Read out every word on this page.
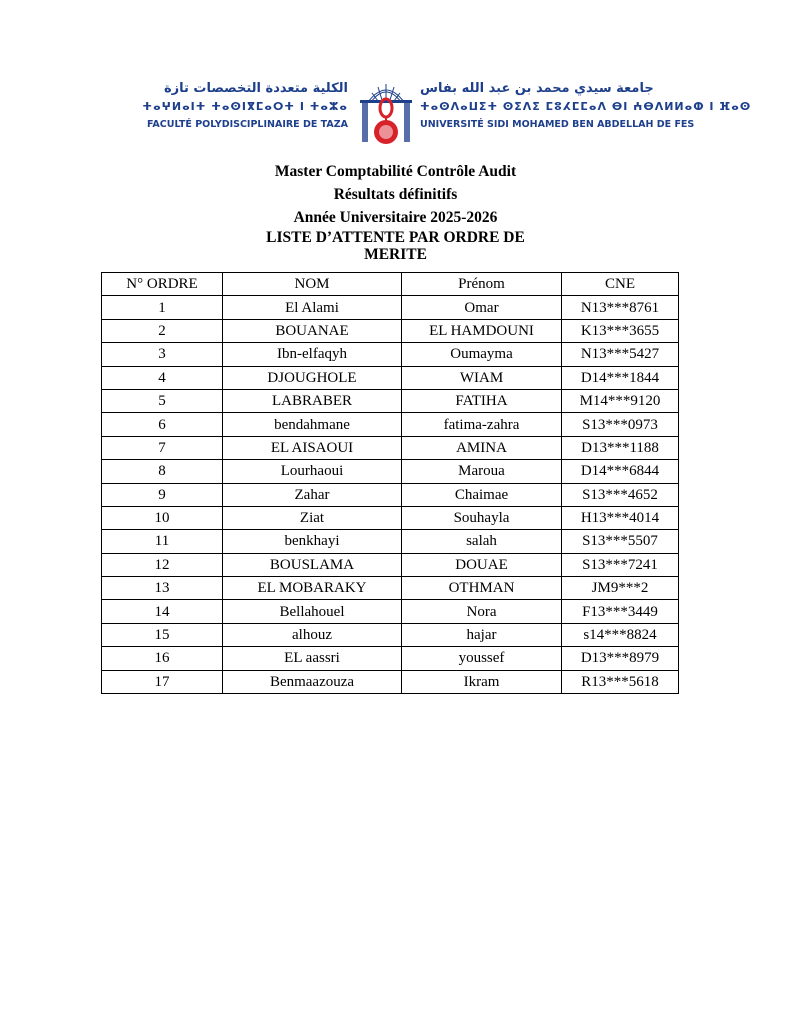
الكلية متعددة التخصصات تازة
ⵜⴰⵖⵍⴰⵏⵜ ⵜⴰⵙⵏⴳⵎⴰⵔⵜ ⵏ ⵜⴰⵣⴰ
FACULTÉ POLYDISCIPLINAIRE DE TAZA
جامعة سيدي محمد بن عبد الله بفاس
ⵜⴰⵙⴷⴰⵡⵉⵜ ⵙⵉⴷⵉ ⵎⵓⵃⵎⵎⴰⴷ ⴱⵏ ⵄⴱⴷⵍⵍⴰⵀ ⵏ ⴼⴰⵙ
UNIVERSITÉ SIDI MOHAMED BEN ABDELLAH DE FES
Master Comptabilité Contrôle Audit
Résultats définitifs
Année Universitaire 2025-2026
LISTE D’ATTENTE PAR ORDRE DE MERITE
N° ORDRE	NOM	Prénom	CNE
1	El Alami	Omar	N13***8761
2	BOUANAE	EL HAMDOUNI	K13***3655
3	Ibn-elfaqyh	Oumayma	N13***5427
4	DJOUGHOLE	WIAM	D14***1844
5	LABRABER	FATIHA	M14***9120
6	bendahmane	fatima-zahra	S13***0973
7	EL AISAOUI	AMINA	D13***1188
8	Lourhaoui	Maroua	D14***6844
9	Zahar	Chaimae	S13***4652
10	Ziat	Souhayla	H13***4014
11	benkhayi	salah	S13***5507
12	BOUSLAMA	DOUAE	S13***7241
13	EL MOBARAKY	OTHMAN	JM9***2
14	Bellahouel	Nora	F13***3449
15	alhouz	hajar	s14***8824
16	EL aassri	youssef	D13***8979
17	Benmaazouza	Ikram	R13***5618
